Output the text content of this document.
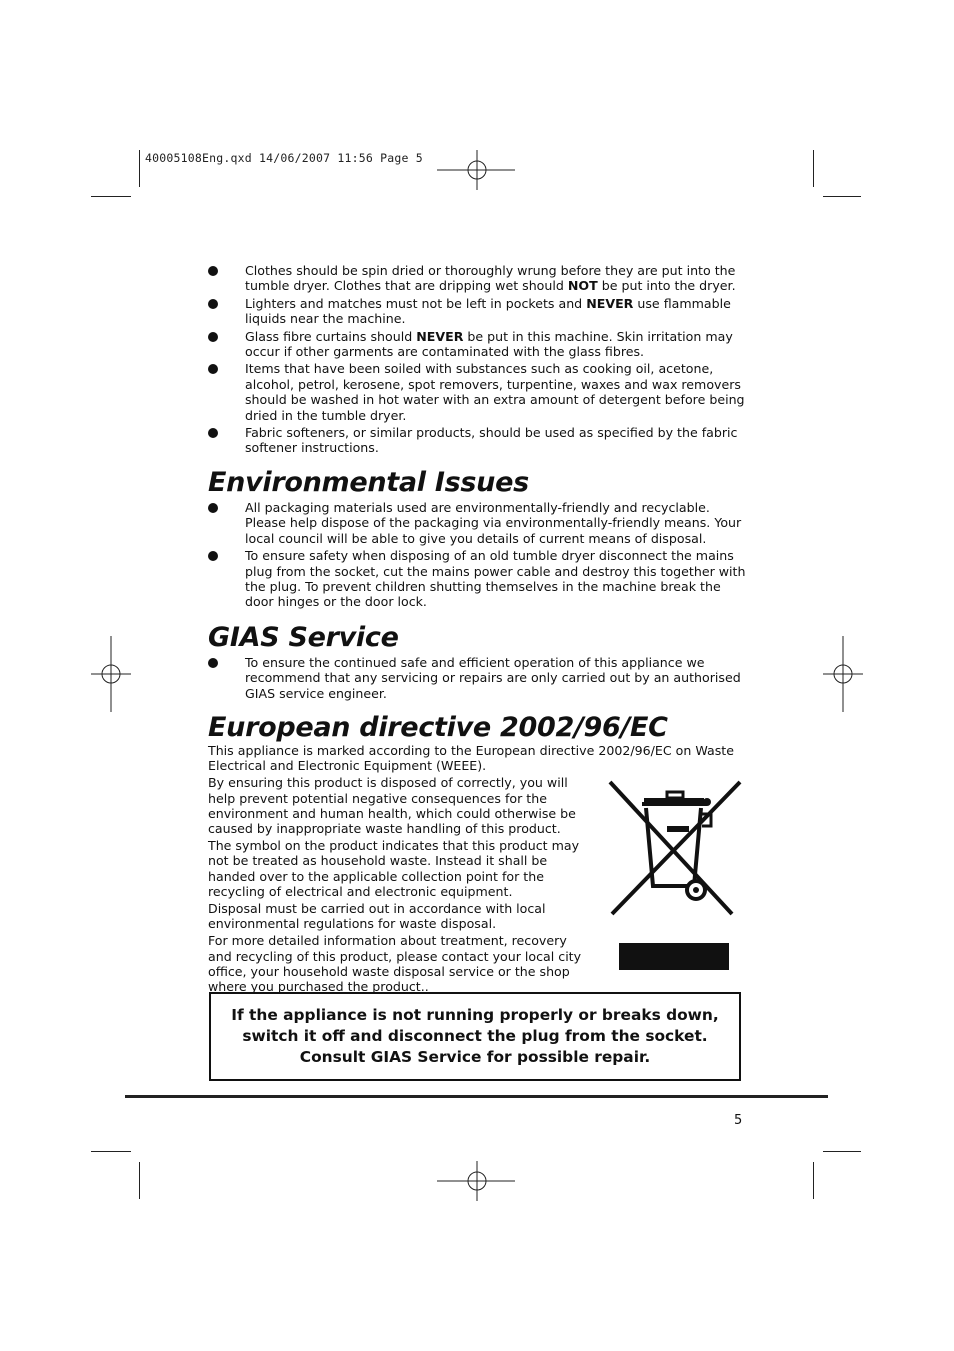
40005108Eng.qxd 14/06/2007 11:56 Page 5
Clothes should be spin dried or thoroughly wrung before they are put into the tumble dryer. Clothes that are dripping wet should NOT be put into the dryer.
Lighters and matches must not be left in pockets and NEVER use flammable liquids near the machine.
Glass fibre curtains should NEVER be put in this machine. Skin irritation may occur if other garments are contaminated with the glass fibres.
Items that have been soiled with substances such as cooking oil, acetone, alcohol, petrol, kerosene, spot removers, turpentine, waxes and wax removers should be washed in hot water with an extra amount of detergent before being dried in the tumble dryer.
Fabric softeners, or similar products, should be used as specified by the fabric softener instructions.
Environmental Issues
All packaging materials used are environmentally-friendly and recyclable. Please help dispose of the packaging via environmentally-friendly means. Your local council will be able to give you details of current means of disposal.
To ensure safety when disposing of an old tumble dryer disconnect the mains plug from the socket, cut the mains power cable and destroy this together with the plug. To prevent children shutting themselves in the machine break the door hinges or the door lock.
GIAS Service
To ensure the continued safe and efficient operation of this appliance we recommend that any servicing or repairs are only carried out by an authorised GIAS service engineer.
European directive 2002/96/EC

This appliance is marked according to the European directive 2002/96/EC on Waste Electrical and Electronic Equipment (WEEE).

By ensuring this product is disposed of correctly, you will help prevent potential negative consequences for the environment and human health, which could otherwise be caused by inappropriate waste handling of this product.

The symbol on the product indicates that this product may not be treated as household waste. Instead it shall be handed over to the applicable collection point for the recycling of electrical and electronic equipment.

Disposal must be carried out in accordance with local environmental regulations for waste disposal.

For more detailed information about treatment, recovery and recycling of this product, please contact your local city office, your household waste disposal service or the shop where you purchased the product..

If the appliance is not running properly or breaks down,
switch it off and disconnect the plug from the socket.
Consult GIAS Service for possible repair.
5
